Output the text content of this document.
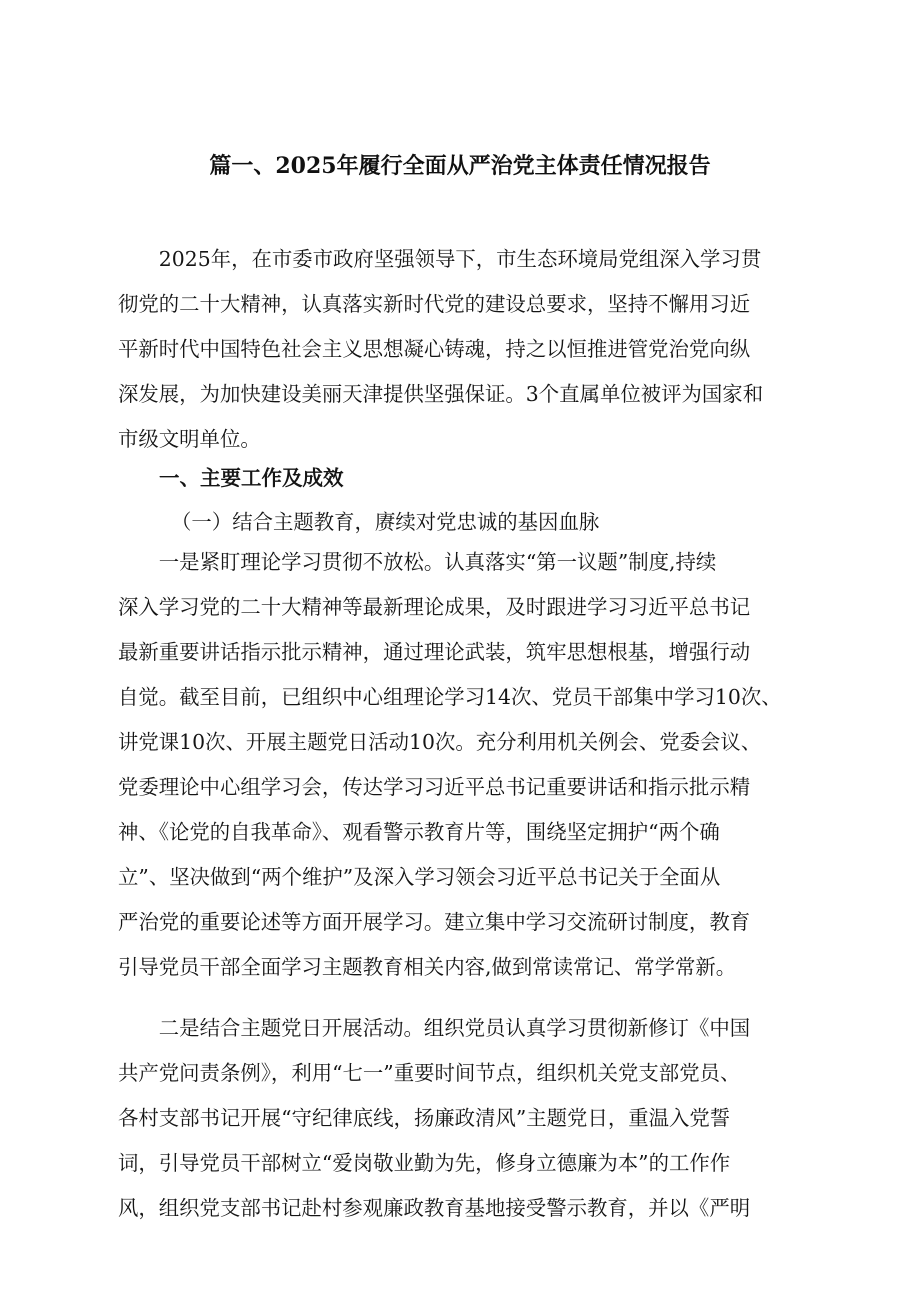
篇一、2025年履行全面从严治党主体责任情况报告
2025年，在市委市政府坚强领导下，市生态环境局党组深入学习贯
彻党的二十大精神，认真落实新时代党的建设总要求，坚持不懈用习近
平新时代中国特色社会主义思想凝心铸魂，持之以恒推进管党治党向纵
深发展，为加快建设美丽天津提供坚强保证。3个直属单位被评为国家和
市级文明单位。
一、主要工作及成效
（一）结合主题教育，赓续对党忠诚的基因血脉
一是紧盯理论学习贯彻不放松。认真落实“第一议题”制度,持续
深入学习党的二十大精神等最新理论成果，及时跟进学习习近平总书记
最新重要讲话指示批示精神，通过理论武装，筑牢思想根基，增强行动
自觉。截至目前，已组织中心组理论学习14次、党员干部集中学习10次、
讲党课10次、开展主题党日活动10次。充分利用机关例会、党委会议、
党委理论中心组学习会，传达学习习近平总书记重要讲话和指示批示精
神、《论党的自我革命》、观看警示教育片等，围绕坚定拥护“两个确
立”、坚决做到“两个维护”及深入学习领会习近平总书记关于全面从
严治党的重要论述等方面开展学习。建立集中学习交流研讨制度，教育
引导党员干部全面学习主题教育相关内容,做到常读常记、常学常新。
二是结合主题党日开展活动。组织党员认真学习贯彻新修订《中国
共产党问责条例》，利用“七一”重要时间节点，组织机关党支部党员、
各村支部书记开展“守纪律底线，扬廉政清风”主题党日，重温入党誓
词，引导党员干部树立“爱岗敬业勤为先，修身立德廉为本”的工作作
风，组织党支部书记赴村参观廉政教育基地接受警示教育，并以《严明
